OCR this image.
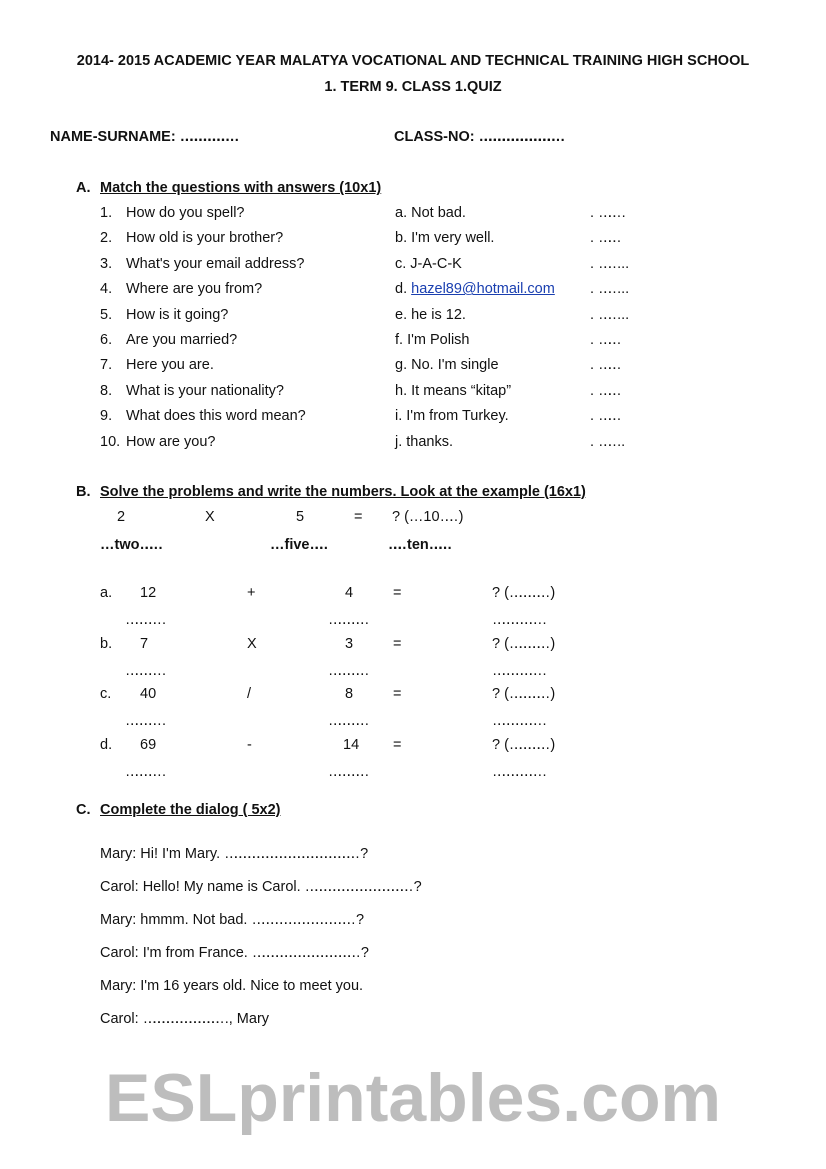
2014- 2015 ACADEMIC YEAR MALATYA VOCATIONAL AND TECHNICAL TRAINING HIGH SCHOOL
1. TERM 9. CLASS 1.QUIZ
NAME-SURNAME: ………………………… .	CLASS-NO: ………………………………………… .
A. Match the questions with answers (10x1)
1. How do you spell?	a. Not bad.	. ……… .
2. How old is your brother?	b. I'm very well.	. ………
3. What's your email address?	c. J-A-C-K	. …… ...
4. Where are you from?	d. hazel89@hotmail.com . …… ...
5. How is it going?	e. he is 12.	. …… ...
6. Are you married?	f. I'm Polish	. ………
7. Here you are.	g. No. I'm single	. ………
8. What is your nationality?	h. It means “kitap”	. ………
9. What does this word mean?	i. I'm from Turkey.	. ………
10. How are you?	j. thanks.	. …… ..
B. Solve the problems and write the numbers. Look at the example (16x1)
2	X	5	= ? (… 10…… )
… two…… .	… five……	…… ten………
a. 12	+	4	=	? (………………… )
……………… .	…………………	……………………… .
b. 7	X	3	=	? (………………… )
……………… .	…………………	……………………… .
c. 40	/	8	=	? (………………… )
……………… .	…………………	……………………… .
d. 69	-	14 =	? (………………… )
……………… .	…………………	……………………… .
C. Complete the dialog ( 5x2)
Mary: Hi! I'm Mary. ………………………………………………………………………… ?
Carol: Hello! My name is Carol. ………………………………………………………… ?
Mary: hmmm. Not bad. ……………………………………………………… ?
Carol: I'm from France. ………………………………………………………… ?
Mary: I'm 16 years old. Nice to meet you.
Carol: ………………………………………… ., Mary
ESLprintables.com
